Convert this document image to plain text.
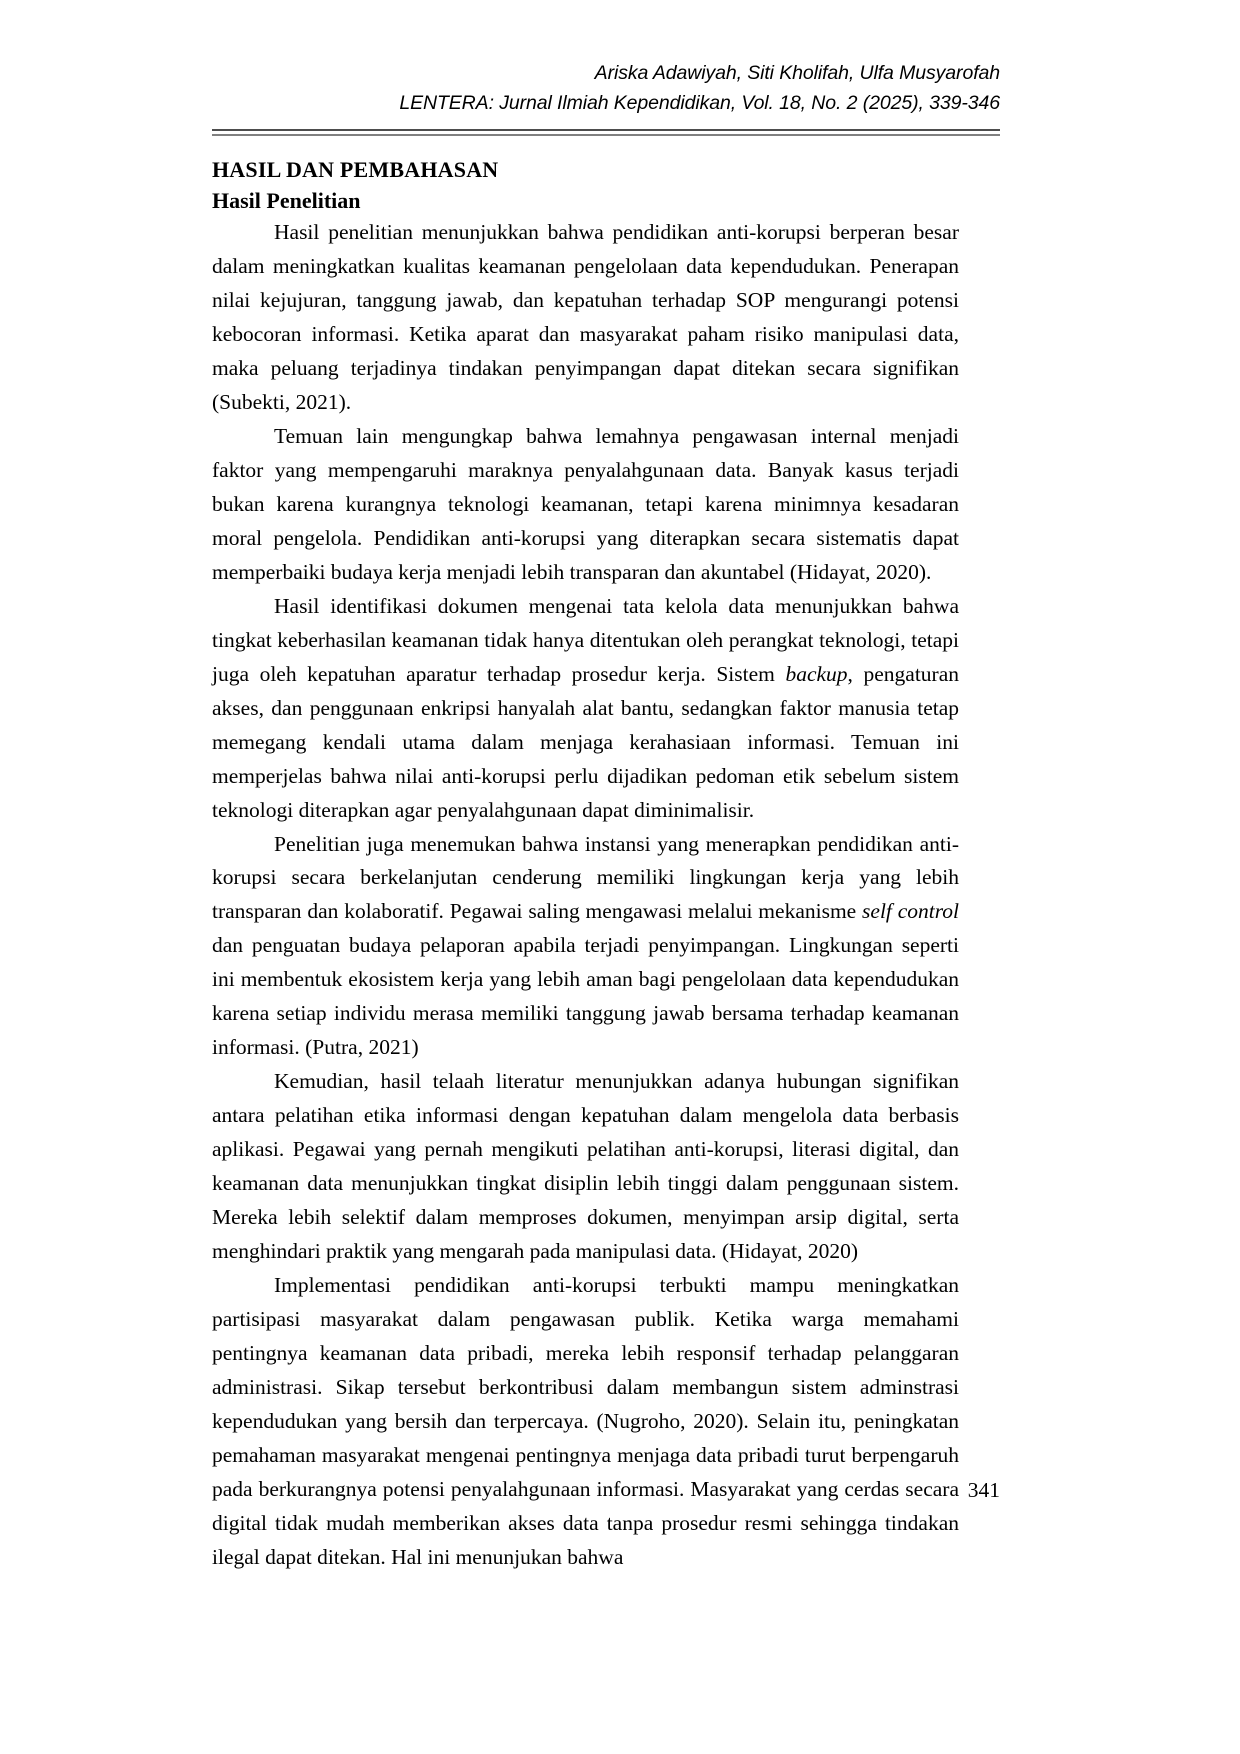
Ariska Adawiyah, Siti Kholifah, Ulfa Musyarofah
LENTERA: Jurnal Ilmiah Kependidikan, Vol. 18, No. 2 (2025), 339-346
HASIL DAN PEMBAHASAN
Hasil Penelitian

Hasil penelitian menunjukkan bahwa pendidikan anti-korupsi berperan besar dalam meningkatkan kualitas keamanan pengelolaan data kependudukan. Penerapan nilai kejujuran, tanggung jawab, dan kepatuhan terhadap SOP mengurangi potensi kebocoran informasi. Ketika aparat dan masyarakat paham risiko manipulasi data, maka peluang terjadinya tindakan penyimpangan dapat ditekan secara signifikan (Subekti, 2021).

Temuan lain mengungkap bahwa lemahnya pengawasan internal menjadi faktor yang mempengaruhi maraknya penyalahgunaan data. Banyak kasus terjadi bukan karena kurangnya teknologi keamanan, tetapi karena minimnya kesadaran moral pengelola. Pendidikan anti-korupsi yang diterapkan secara sistematis dapat memperbaiki budaya kerja menjadi lebih transparan dan akuntabel (Hidayat, 2020).

Hasil identifikasi dokumen mengenai tata kelola data menunjukkan bahwa tingkat keberhasilan keamanan tidak hanya ditentukan oleh perangkat teknologi, tetapi juga oleh kepatuhan aparatur terhadap prosedur kerja. Sistem backup, pengaturan akses, dan penggunaan enkripsi hanyalah alat bantu, sedangkan faktor manusia tetap memegang kendali utama dalam menjaga kerahasiaan informasi. Temuan ini memperjelas bahwa nilai anti-korupsi perlu dijadikan pedoman etik sebelum sistem teknologi diterapkan agar penyalahgunaan dapat diminimalisir.

Penelitian juga menemukan bahwa instansi yang menerapkan pendidikan anti-korupsi secara berkelanjutan cenderung memiliki lingkungan kerja yang lebih transparan dan kolaboratif. Pegawai saling mengawasi melalui mekanisme self control dan penguatan budaya pelaporan apabila terjadi penyimpangan. Lingkungan seperti ini membentuk ekosistem kerja yang lebih aman bagi pengelolaan data kependudukan karena setiap individu merasa memiliki tanggung jawab bersama terhadap keamanan informasi. (Putra, 2021)

Kemudian, hasil telaah literatur menunjukkan adanya hubungan signifikan antara pelatihan etika informasi dengan kepatuhan dalam mengelola data berbasis aplikasi. Pegawai yang pernah mengikuti pelatihan anti-korupsi, literasi digital, dan keamanan data menunjukkan tingkat disiplin lebih tinggi dalam penggunaan sistem. Mereka lebih selektif dalam memproses dokumen, menyimpan arsip digital, serta menghindari praktik yang mengarah pada manipulasi data. (Hidayat, 2020)

Implementasi pendidikan anti-korupsi terbukti mampu meningkatkan partisipasi masyarakat dalam pengawasan publik. Ketika warga memahami pentingnya keamanan data pribadi, mereka lebih responsif terhadap pelanggaran administrasi. Sikap tersebut berkontribusi dalam membangun sistem adminstrasi kependudukan yang bersih dan terpercaya. (Nugroho, 2020). Selain itu, peningkatan pemahaman masyarakat mengenai pentingnya menjaga data pribadi turut berpengaruh pada berkurangnya potensi penyalahgunaan informasi. Masyarakat yang cerdas secara digital tidak mudah memberikan akses data tanpa prosedur resmi sehingga tindakan ilegal dapat ditekan. Hal ini menunjukan bahwa

341
